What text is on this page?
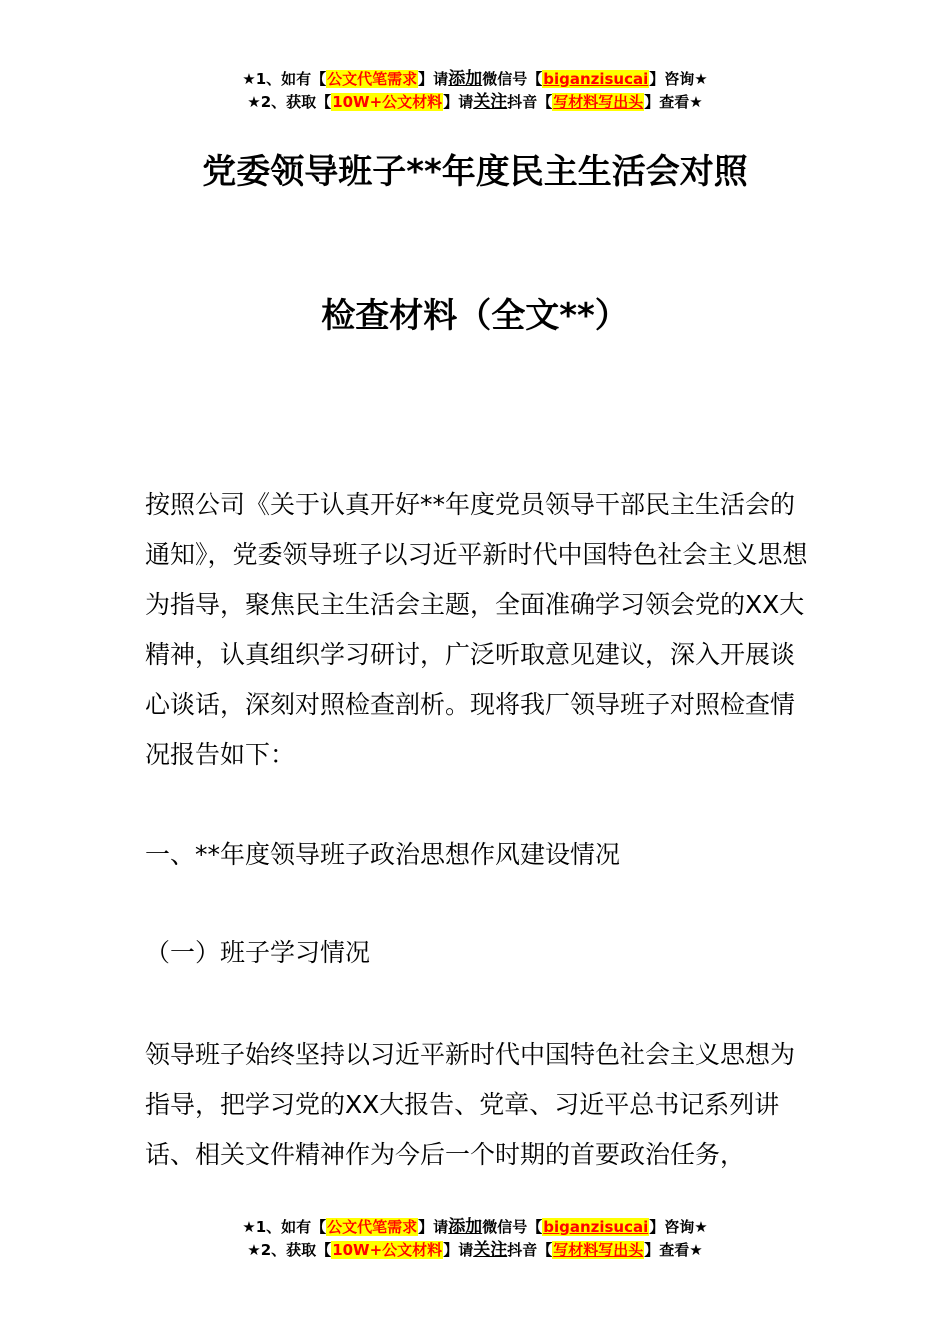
★1、如有【公文代笔需求】请添加微信号【biganzisucai】咨询★
★2、获取【10W+公文材料】请关注抖音【写材料写出头】查看★
党委领导班子**年度民主生活会对照
检查材料（全文**）

按照公司《关于认真开好**年度党员领导干部民主生活会的通知》，党委领导班子以习近平新时代中国特色社会主义思想为指导，聚焦民主生活会主题，全面准确学习领会党的XX大精神，认真组织学习研讨，广泛听取意见建议，深入开展谈心谈话，深刻对照检查剖析。现将我厂领导班子对照检查情况报告如下：

一、**年度领导班子政治思想作风建设情况

（一）班子学习情况

领导班子始终坚持以习近平新时代中国特色社会主义思想为指导，把学习党的XX大报告、党章、习近平总书记系列讲话、相关文件精神作为今后一个时期的首要政治任务，

★1、如有【公文代笔需求】请添加微信号【biganzisucai】咨询★
★2、获取【10W+公文材料】请关注抖音【写材料写出头】查看★
